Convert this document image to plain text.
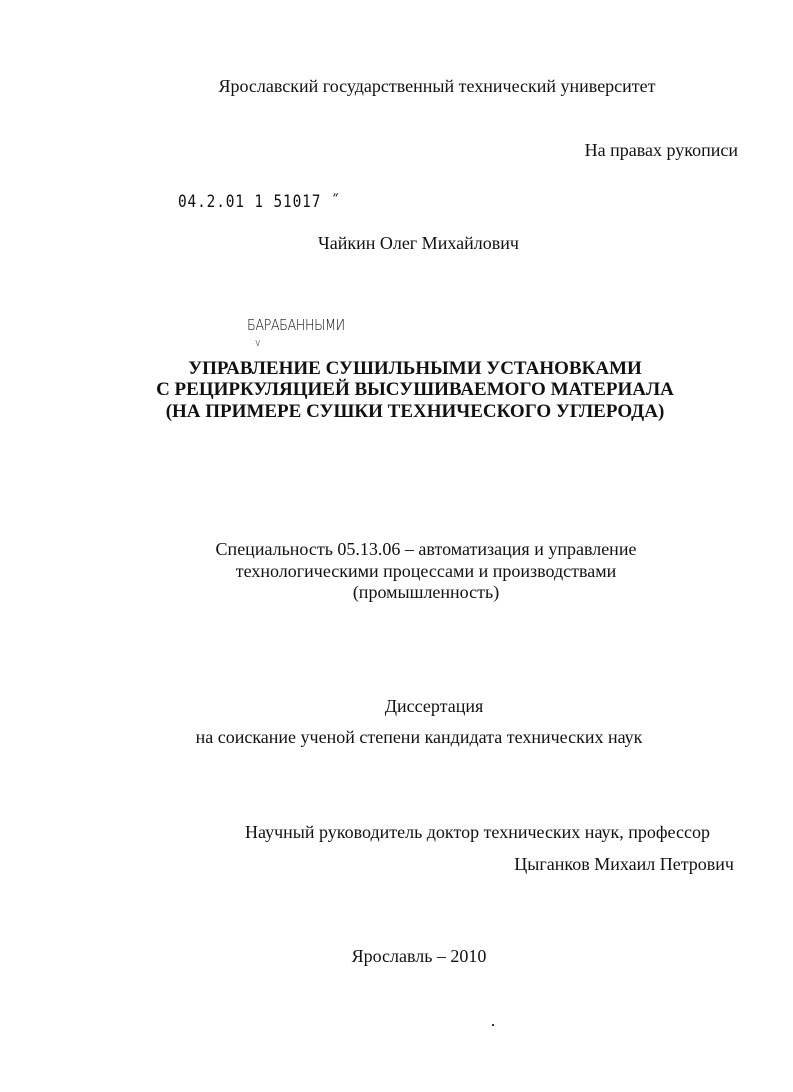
Ярославский государственный технический университет
На правах рукописи
04.2.01 1 51017 ˝
Чайкин Олег Михайлович
БАРАБАННЫМИ
v
УПРАВЛЕНИЕ СУШИЛЬНЫМИ УСТАНОВКАМИ
С РЕЦИРКУЛЯЦИЕЙ ВЫСУШИВАЕМОГО МАТЕРИАЛА
(НА ПРИМЕРЕ СУШКИ ТЕХНИЧЕСКОГО УГЛЕРОДА)
Специальность 05.13.06 – автоматизация и управление
технологическими процессами и производствами
(промышленность)
Диссертация
на соискание ученой степени кандидата технических наук
Научный руководитель доктор технических наук, профессор
Цыганков Михаил Петрович
Ярославль – 2010
